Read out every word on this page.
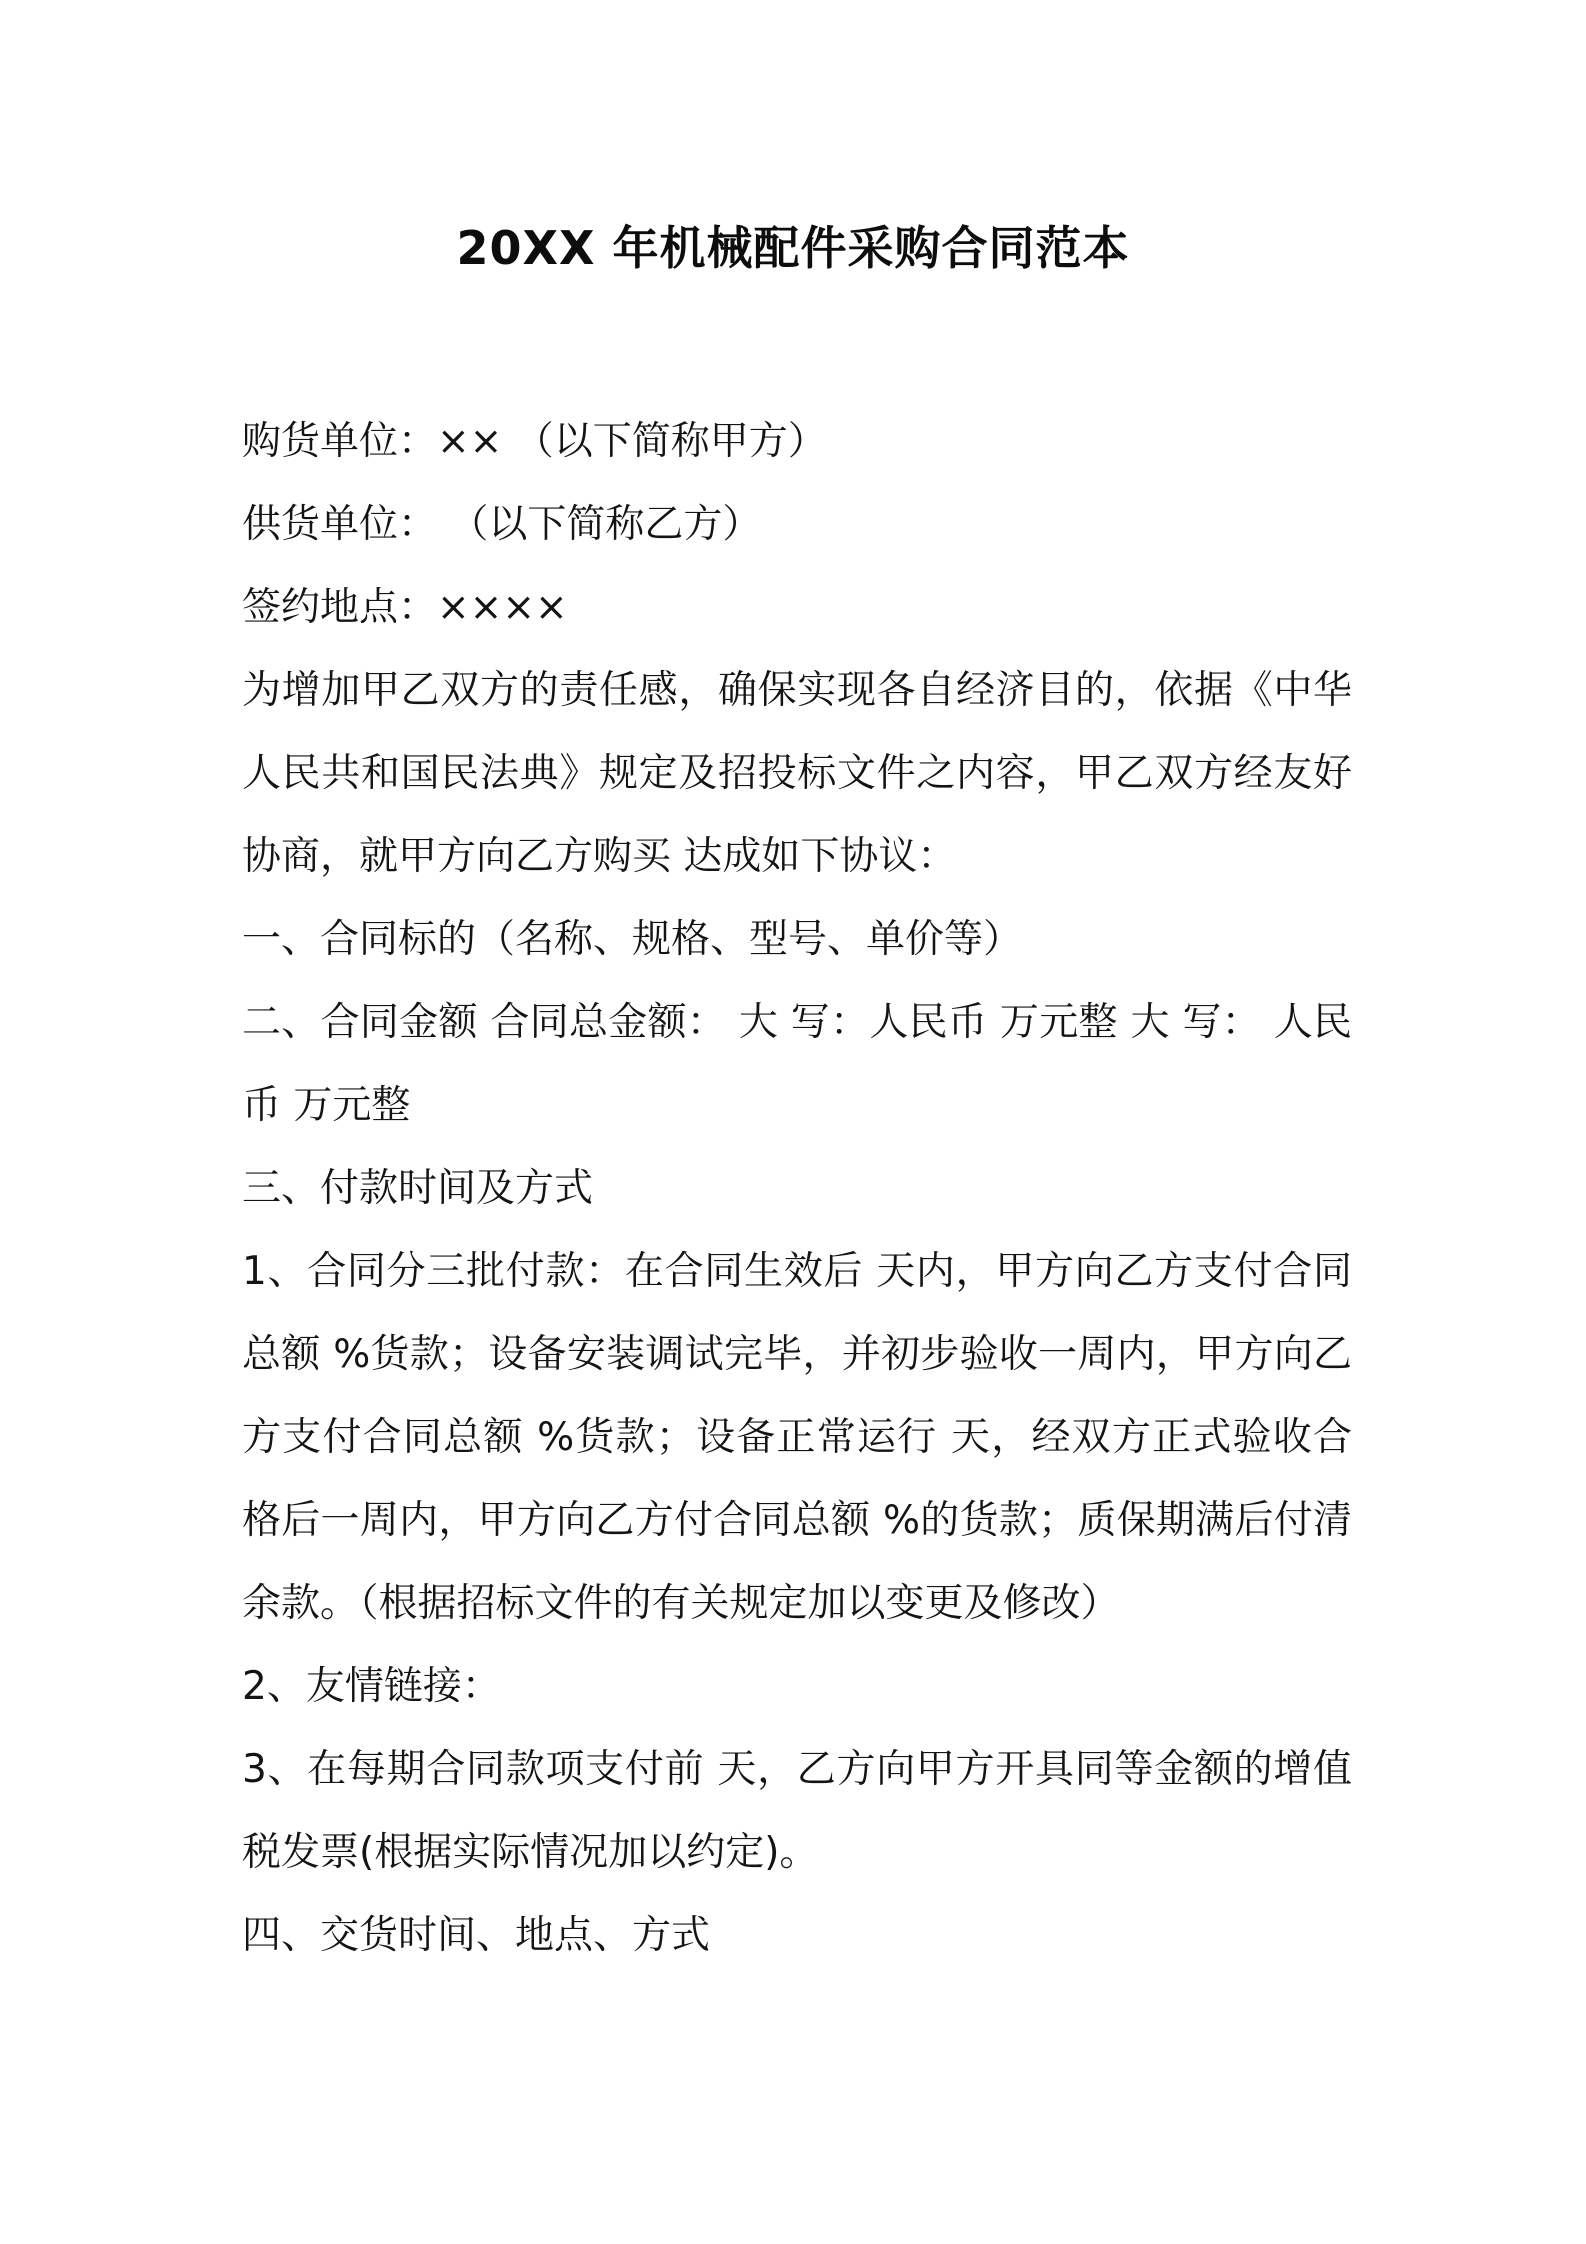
20XX 年机械配件采购合同范本

购货单位：×× （以下简称甲方）

供货单位： （以下简称乙方）

签约地点：××××

为增加甲乙双方的责任感，确保实现各自经济目的，依据《中华人民共和国民法典》规定及招投标文件之内容，甲乙双方经友好协商，就甲方向乙方购买 达成如下协议：

一、合同标的（名称、规格、型号、单价等）

二、合同金额 合同总金额： 大 写：人民币 万元整 大 写： 人民币 万元整

三、付款时间及方式

1、合同分三批付款：在合同生效后 天内，甲方向乙方支付合同总额 %货款；设备安装调试完毕，并初步验收一周内，甲方向乙方支付合同总额 %货款；设备正常运行 天，经双方正式验收合格后一周内，甲方向乙方付合同总额 %的货款；质保期满后付清余款。（根据招标文件的有关规定加以变更及修改）

2、友情链接：

3、在每期合同款项支付前 天，乙方向甲方开具同等金额的增值税发票(根据实际情况加以约定)。

四、交货时间、地点、方式
